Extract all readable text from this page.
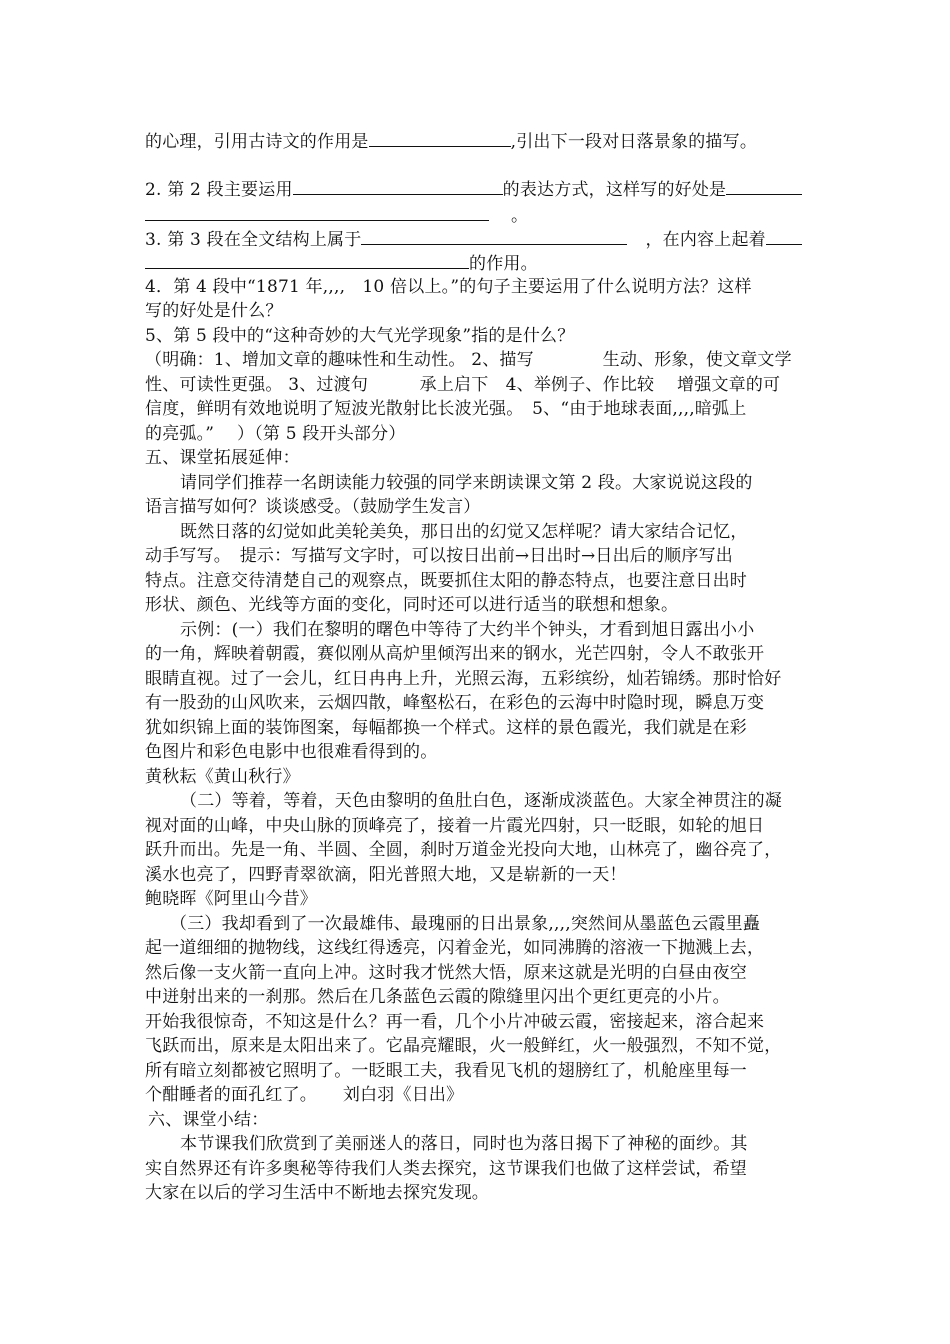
的心理，引用古诗文的作用是	,引出下一段对日落景象的描写。
2. 第 2 段主要运用	的表达方式，这样写的好处是
。
3. 第 3 段在全文结构上属于	，在内容上起着
的作用。
4．第 4 段中“1871 年,,,,　10 倍以上。”的句子主要运用了什么说明方法？这样
写的好处是什么？
5、第 5 段中的“这种奇妙的大气光学现象”指的是什么？
（明确：1、增加文章的趣味性和生动性。 2、描写　　　　生动、形象，使文章文学
性、可读性更强。 3、过渡句　　　承上启下　4、举例子、作比较　 增强文章的可
信度，鲜明有效地说明了短波光散射比长波光强。　5、“由于地球表面,,,,暗弧上
的亮弧。”　 ）（第 5 段开头部分）
五、课堂拓展延伸：
请同学们推荐一名朗读能力较强的同学来朗读课文第 2 段。大家说说这段的
语言描写如何？谈谈感受。（鼓励学生发言）
既然日落的幻觉如此美轮美奂，那日出的幻觉又怎样呢？请大家结合记忆，
动手写写。　提示：写描写文字时，可以按日出前→日出时→日出后的顺序写出
特点。注意交待清楚自己的观察点，既要抓住太阳的静态特点，也要注意日出时
形状、颜色、光线等方面的变化，同时还可以进行适当的联想和想象。
示例：(一）我们在黎明的曙色中等待了大约半个钟头，才看到旭日露出小小
的一角，辉映着朝霞，赛似刚从高炉里倾泻出来的钢水，光芒四射，令人不敢张开
眼睛直视。过了一会儿，红日冉冉上升，光照云海，五彩缤纷，灿若锦绣。那时恰好
有一股劲的山风吹来，云烟四散，峰壑松石，在彩色的云海中时隐时现，瞬息万变
犹如织锦上面的装饰图案，每幅都换一个样式。这样的景色霞光，我们就是在彩
色图片和彩色电影中也很难看得到的。
黄秋耘《黄山秋行》
（二）等着，等着，天色由黎明的鱼肚白色，逐渐成淡蓝色。大家全神贯注的凝
视对面的山峰，中央山脉的顶峰亮了，接着一片霞光四射，只一眨眼，如轮的旭日
跃升而出。先是一角、半圆、全圆，刹时万道金光投向大地，山林亮了，幽谷亮了，
溪水也亮了，四野青翠欲滴，阳光普照大地，又是崭新的一天！
鲍晓晖《阿里山今昔》
（三）我却看到了一次最雄伟、最瑰丽的日出景象,,,,突然间从墨蓝色云霞里矗
起一道细细的抛物线，这线红得透亮，闪着金光，如同沸腾的溶液一下抛溅上去，
然后像一支火箭一直向上冲。这时我才恍然大悟，原来这就是光明的白昼由夜空
中迸射出来的一刹那。然后在几条蓝色云霞的隙缝里闪出个更红更亮的小片。
开始我很惊奇，不知这是什么？再一看，几个小片冲破云霞，密接起来，溶合起来
飞跃而出，原来是太阳出来了。它晶亮耀眼，火一般鲜红，火一般强烈，不知不觉，
所有暗立刻都被它照明了。一眨眼工夫，我看见飞机的翅膀红了，机舱座里每一
个酣睡者的面孔红了。　　刘白羽《日出》
六、课堂小结：
本节课我们欣赏到了美丽迷人的落日，同时也为落日揭下了神秘的面纱。其
实自然界还有许多奥秘等待我们人类去探究，这节课我们也做了这样尝试，希望
大家在以后的学习生活中不断地去探究发现。
